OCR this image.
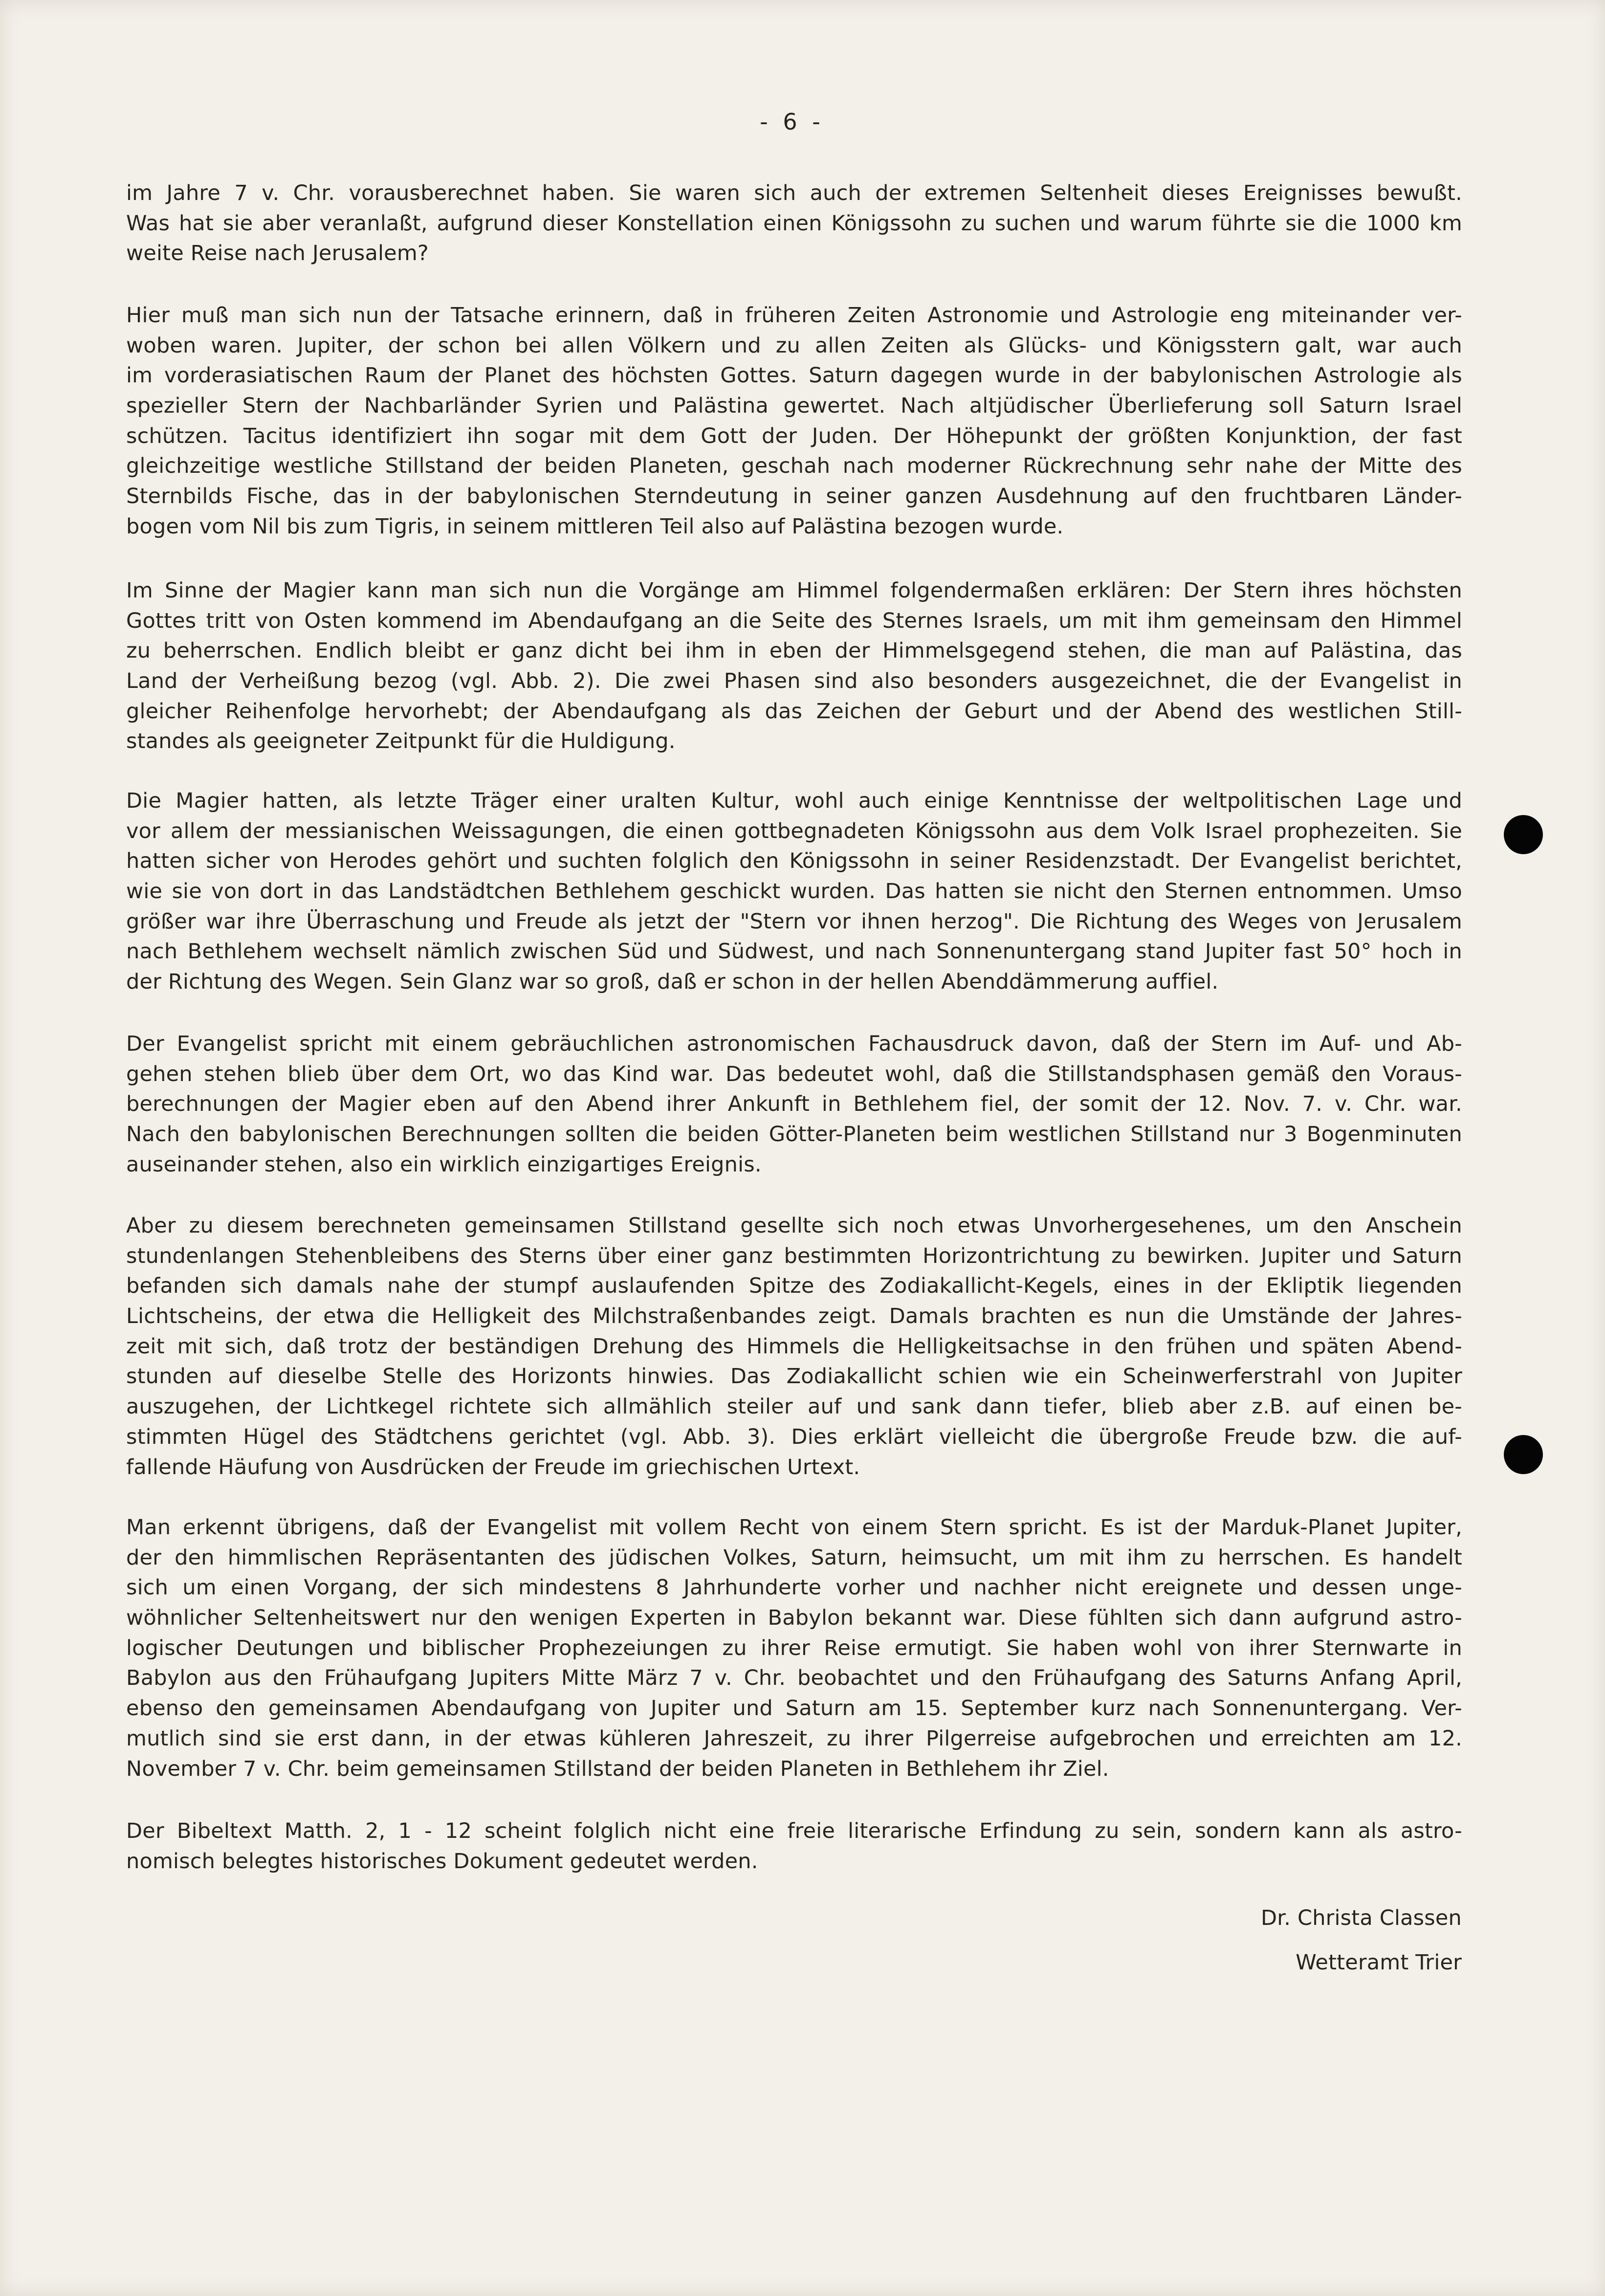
- 6 -
im Jahre 7 v. Chr. vorausberechnet haben. Sie waren sich auch der extremen Seltenheit dieses Ereignisses bewußt.
Was hat sie aber veranlaßt, aufgrund dieser Konstellation einen Königssohn zu suchen und warum führte sie die 1000 km
weite Reise nach Jerusalem?
Hier muß man sich nun der Tatsache erinnern, daß in früheren Zeiten Astronomie und Astrologie eng miteinander ver-
woben waren. Jupiter, der schon bei allen Völkern und zu allen Zeiten als Glücks- und Königsstern galt, war auch
im vorderasiatischen Raum der Planet des höchsten Gottes. Saturn dagegen wurde in der babylonischen Astrologie als
spezieller Stern der Nachbarländer Syrien und Palästina gewertet. Nach altjüdischer Überlieferung soll Saturn Israel
schützen. Tacitus identifiziert ihn sogar mit dem Gott der Juden. Der Höhepunkt der größten Konjunktion, der fast
gleichzeitige westliche Stillstand der beiden Planeten, geschah nach moderner Rückrechnung sehr nahe der Mitte des
Sternbilds Fische, das in der babylonischen Sterndeutung in seiner ganzen Ausdehnung auf den fruchtbaren Länder-
bogen vom Nil bis zum Tigris, in seinem mittleren Teil also auf Palästina bezogen wurde.
Im Sinne der Magier kann man sich nun die Vorgänge am Himmel folgendermaßen erklären: Der Stern ihres höchsten
Gottes tritt von Osten kommend im Abendaufgang an die Seite des Sternes Israels, um mit ihm gemeinsam den Himmel
zu beherrschen. Endlich bleibt er ganz dicht bei ihm in eben der Himmelsgegend stehen, die man auf Palästina, das
Land der Verheißung bezog (vgl. Abb. 2). Die zwei Phasen sind also besonders ausgezeichnet, die der Evangelist in
gleicher Reihenfolge hervorhebt; der Abendaufgang als das Zeichen der Geburt und der Abend des westlichen Still-
standes als geeigneter Zeitpunkt für die Huldigung.
Die Magier hatten, als letzte Träger einer uralten Kultur, wohl auch einige Kenntnisse der weltpolitischen Lage und
vor allem der messianischen Weissagungen, die einen gottbegnadeten Königssohn aus dem Volk Israel prophezeiten. Sie
hatten sicher von Herodes gehört und suchten folglich den Königssohn in seiner Residenzstadt. Der Evangelist berichtet,
wie sie von dort in das Landstädtchen Bethlehem geschickt wurden. Das hatten sie nicht den Sternen entnommen. Umso
größer war ihre Überraschung und Freude als jetzt der "Stern vor ihnen herzog". Die Richtung des Weges von Jerusalem
nach Bethlehem wechselt nämlich zwischen Süd und Südwest, und nach Sonnenuntergang stand Jupiter fast 50° hoch in
der Richtung des Wegen. Sein Glanz war so groß, daß er schon in der hellen Abenddämmerung auffiel.
Der Evangelist spricht mit einem gebräuchlichen astronomischen Fachausdruck davon, daß der Stern im Auf- und Ab-
gehen stehen blieb über dem Ort, wo das Kind war. Das bedeutet wohl, daß die Stillstandsphasen gemäß den Voraus-
berechnungen der Magier eben auf den Abend ihrer Ankunft in Bethlehem fiel, der somit der 12. Nov. 7. v. Chr. war.
Nach den babylonischen Berechnungen sollten die beiden Götter-Planeten beim westlichen Stillstand nur 3 Bogenminuten
auseinander stehen, also ein wirklich einzigartiges Ereignis.
Aber zu diesem berechneten gemeinsamen Stillstand gesellte sich noch etwas Unvorhergesehenes, um den Anschein
stundenlangen Stehenbleibens des Sterns über einer ganz bestimmten Horizontrichtung zu bewirken. Jupiter und Saturn
befanden sich damals nahe der stumpf auslaufenden Spitze des Zodiakallicht-Kegels, eines in der Ekliptik liegenden
Lichtscheins, der etwa die Helligkeit des Milchstraßenbandes zeigt. Damals brachten es nun die Umstände der Jahres-
zeit mit sich, daß trotz der beständigen Drehung des Himmels die Helligkeitsachse in den frühen und späten Abend-
stunden auf dieselbe Stelle des Horizonts hinwies. Das Zodiakallicht schien wie ein Scheinwerferstrahl von Jupiter
auszugehen, der Lichtkegel richtete sich allmählich steiler auf und sank dann tiefer, blieb aber z.B. auf einen be-
stimmten Hügel des Städtchens gerichtet (vgl. Abb. 3). Dies erklärt vielleicht die übergroße Freude bzw. die auf-
fallende Häufung von Ausdrücken der Freude im griechischen Urtext.
Man erkennt übrigens, daß der Evangelist mit vollem Recht von einem Stern spricht. Es ist der Marduk-Planet Jupiter,
der den himmlischen Repräsentanten des jüdischen Volkes, Saturn, heimsucht, um mit ihm zu herrschen. Es handelt
sich um einen Vorgang, der sich mindestens 8 Jahrhunderte vorher und nachher nicht ereignete und dessen unge-
wöhnlicher Seltenheitswert nur den wenigen Experten in Babylon bekannt war. Diese fühlten sich dann aufgrund astro-
logischer Deutungen und biblischer Prophezeiungen zu ihrer Reise ermutigt. Sie haben wohl von ihrer Sternwarte in
Babylon aus den Frühaufgang Jupiters Mitte März 7 v. Chr. beobachtet und den Frühaufgang des Saturns Anfang April,
ebenso den gemeinsamen Abendaufgang von Jupiter und Saturn am 15. September kurz nach Sonnenuntergang. Ver-
mutlich sind sie erst dann, in der etwas kühleren Jahreszeit, zu ihrer Pilgerreise aufgebrochen und erreichten am 12.
November 7 v. Chr. beim gemeinsamen Stillstand der beiden Planeten in Bethlehem ihr Ziel.
Der Bibeltext Matth. 2, 1 - 12 scheint folglich nicht eine freie literarische Erfindung zu sein, sondern kann als astro-
nomisch belegtes historisches Dokument gedeutet werden.
Dr. Christa Classen
Wetteramt Trier
